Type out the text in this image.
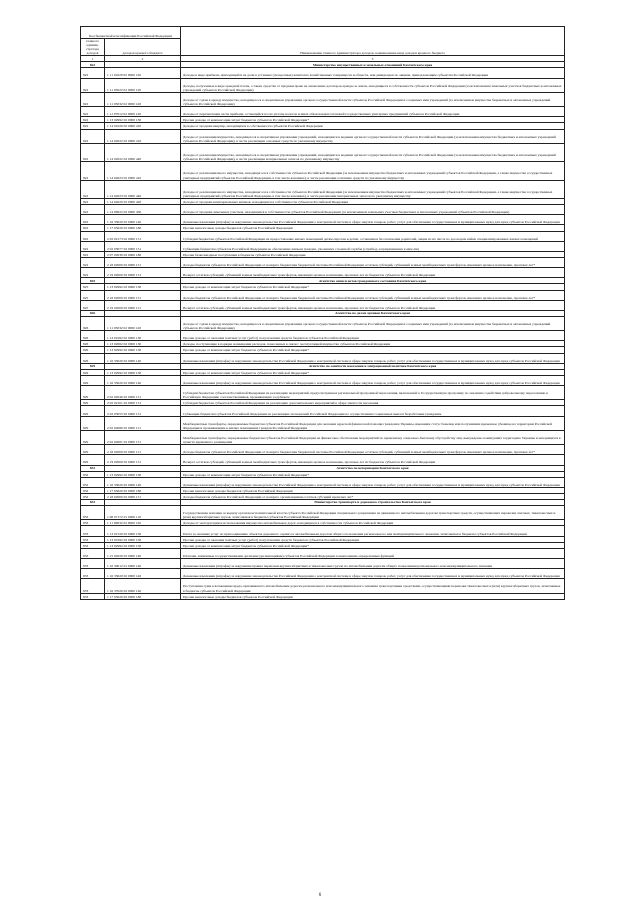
Код бюджетной классификации Российской Федерации		Наименование главного администратора доходов, наименование вида доходов краевого бюджета
главного админи-стратора доходов	доходов краевого бюджета	
1	2	3
822		Министерство имущественных и земельных отношений Камчатского края
822	1 11 01020 02 0000 120	Доходы в виде прибыли, приходящейся на доли в уставных (складочных) капиталах хозяйственных товариществ и обществ, или дивидендов по акциям, принадлежащим субъектам Российской Федерации
822	1 11 05022 02 0000 120	Доходы, получаемые в виде арендной платы, а также средства от продажи права на заключение договоров аренды за земли, находящиеся в собственности субъектов Российской Федерации (за исключением земельных участков бюджетных и автономных учреждений субъектов Российской Федерации)
822	1 11 05032 02 0000 120	Доходы от сдачи в аренду имущества, находящегося в оперативном управлении органов государственной власти субъектов Российской Федерации и созданных ими учреждений (за исключением имущества бюджетных и автономных учреждений субъектов Российской Федерации)
822	1 11 07012 02 0000 120	Доходы от перечисления части прибыли, остающейся после уплаты налогов и иных обязательных платежей государственных унитарных предприятий субъектов Российской Федерации
822	1 13 02992 02 0000 130	Прочие доходы от компенсации затрат бюджетов субъектов Российской Федерации*
822	1 14 01020 02 0000 410	Доходы от продажи квартир, находящихся в собственности субъектов Российской Федерации
822	1 14 02022 02 0000 410	Доходы от реализации имущества, находящегося в оперативном управлении учреждений, находящихся в ведении органов государственной власти субъектов Российской Федерации (за исключением имущества бюджетных и автономных учреждений субъектов Российской Федерации), в части реализации основных средств по указанному имуществу
822	1 14 02022 02 0000 440	Доходы от реализации имущества, находящегося в оперативном управлении учреждений, находящихся в ведении органов государственной власти субъектов Российской Федерации (за исключением имущества бюджетных и автономных учреждений субъектов Российской Федерации), в части реализации материальных запасов по указанному имуществу
822	1 14 02023 02 0000 410	Доходы от реализации иного имущества, находящегося в собственности субъектов Российской Федерации (за исключением имущества бюджетных и автономных учреждений субъектов Российской Федерации, а также имущества государственных унитарных предприятий субъектов Российской Федерации, в том числе казенных), в части реализации основных средств по указанному имуществу
822	1 14 02023 02 0000 440	Доходы от реализации иного имущества, находящегося в собственности субъектов Российской Федерации (за исключением имущества бюджетных и автономных учреждений субъектов Российской Федерации, а также имущества государственных унитарных предприятий субъектов Российской Федерации, в том числе казенных), в части реализации материальных запасов по указанному имуществу
822	1 14 04020 02 0000 420	Доходы от продажи нематериальных активов, находящихся в собственности субъектов Российской Федерации
822	1 14 06022 02 0000 430	Доходы от продажи земельных участков, находящихся в собственности субъектов Российской Федерации (за исключением земельных участков бюджетных и автономных учреждений субъектов Российской Федерации)
822	1 16 33020 02 0000 140	Денежные взыскания (штрафы) за нарушение законодательства Российской Федерации о контрактной системе в сфере закупок товаров, работ, услуг для обеспечения государственных и муниципальных нужд для нужд субъектов Российской Федерации
822	1 17 05020 02 0000 180	Прочие неналоговые доходы бюджетов субъектов Российской Федерации
822	2 02 02173 02 0000 151	Субсидии бюджетам субъектов Российской Федерации на предоставление жилых помещений детям-сиротам и детям, оставшимся без попечения родителей, лицам из их числа по договорам найма специализированных жилых помещений
822	2 02 03077 02 0000 151	Субвенции бюджетам субъектов Российской Федерации на обеспечение жильем граждан, уволенных с военной службы (службы), и приравненных к ним лиц
822	2 07 02030 02 0000 180	Прочие безвозмездные поступления в бюджеты субъектов Российской Федерации
822	2 18 02000 02 0000 151	Доходы бюджетов субъектов Российской Федерации от возврата бюджетами бюджетной системы Российской Федерации остатков субсидий, субвенций и иных межбюджетных трансфертов, имеющих целевое назначение, прошлых лет*
822	2 19 02000 02 0000 151	Возврат остатков субсидий, субвенций и иных межбюджетных трансфертов, имеющих целевое назначение, прошлых лет из бюджетов субъектов Российской Федерации
825		Агентство записи актов гражданского состояния Камчатского края
825	1 13 02992 02 0000 130	Прочие доходы от компенсации затрат бюджетов субъектов Российской Федерации*
825	2 18 02000 02 0000 151	Доходы бюджетов субъектов Российской Федерации от возврата бюджетами бюджетной системы Российской Федерации остатков субсидий, субвенций и иных межбюджетных трансфертов, имеющих целевое назначение, прошлых лет*
825	2 19 02000 02 0000 151	Возврат остатков субсидий, субвенций и иных межбюджетных трансфертов, имеющих целевое назначение, прошлых лет из бюджетов субъектов Российской Федерации
826		Агентство по делам архивов Камчатского края
826	1 11 05032 02 0000 120	Доходы от сдачи в аренду имущества, находящегося в оперативном управлении органов государственной власти субъектов Российской Федерации и созданных ими учреждений (за исключением имущества бюджетных и автономных учреждений субъектов Российской Федерации)
826	1 13 01992 02 0000 130	Прочие доходы от оказания платных услуг (работ) получателями средств бюджетов субъектов Российской Федерации
826	1 13 02062 02 0000 130	Доходы, поступающие в порядке возмещения расходов, понесенных в связи с эксплуатацией имущества субъектов Российской Федерации
826	1 13 02992 02 0000 130	Прочие доходы от компенсации затрат бюджетов субъектов Российской Федерации*
826	1 16 33020 02 0000 140	Денежные взыскания (штрафы) за нарушение законодательства Российской Федерации о контрактной системе в сфере закупок товаров, работ, услуг для обеспечения государственных и муниципальных нужд для нужд субъектов Российской Федерации
829		Агентство по занятости населения и миграционной политике Камчатского края
829	1 13 02992 02 0000 130	Прочие доходы от компенсации затрат бюджетов субъектов Российской Федерации*
829	1 16 33020 02 0000 140	Денежные взыскания (штрафы) за нарушение законодательства Российской Федерации о контрактной системе в сфере закупок товаров, работ, услуг для обеспечения государственных и муниципальных нужд для нужд субъектов Российской Федерации
829	2 02 02046 02 0000 151	Субсидии бюджетам субъектов Российской Федерации на реализацию мероприятий, предусмотренных региональной программой переселения, включенной в Государственную программу по оказанию содействия добровольному переселению в Российскую Федерацию соотечественников, проживающих за рубежом
829	2 02 02101 02 0000 151	Субсидии бюджетам субъектов Российской Федерации на реализацию дополнительных мероприятий в сфере занятости населения
829	2 02 03055 02 0000 151	Субвенции бюджетам субъектов Российской Федерации на реализацию полномочий Российской Федерации по осуществлению социальных выплат безработным гражданам
829	2 02 04080 02 0000 151	Межбюджетные трансферты, передаваемые бюджетам субъектов Российской Федерации для оказания адресной финансовой помощи гражданам Украины, имеющим статус беженца или получившим временное убежище на территории Российской Федерации и проживающим в жилых помещениях граждан Российской Федерации
829	2 02 04081 02 0000 151	Межбюджетные трансферты, передаваемые бюджетам субъектов Российской Федерации на финансовое обеспечение мероприятий по временному социально-бытовому обустройству лиц, вынужденно покинувших территорию Украины и находящихся в пунктах временного размещения
829	2 18 02000 02 0000 151	Доходы бюджетов субъектов Российской Федерации от возврата бюджетами бюджетной системы Российской Федерации остатков субсидий, субвенций и иных межбюджетных трансфертов, имеющих целевое назначение, прошлых лет*
829	2 19 02000 02 0000 151	Возврат остатков субсидий, субвенций и иных межбюджетных трансфертов, имеющих целевое назначение, прошлых лет из бюджетов субъектов Российской Федерации
832		Агентство по ветеринарии Камчатского края
832	1 13 02992 02 0000 130	Прочие доходы от компенсации затрат бюджетов субъектов Российской Федерации*
832	1 16 33020 02 0000 140	Денежные взыскания (штрафы) за нарушение законодательства Российской Федерации о контрактной системе в сфере закупок товаров, работ, услуг для обеспечения государственных и муниципальных нужд для нужд субъектов Российской Федерации
832	1 17 05020 02 0000 180	Прочие неналоговые доходы бюджетов субъектов Российской Федерации
832	2 18 02000 02 0000 151	Доходы бюджетов субъектов Российской Федерации от возврата организациями остатков субсидий прошлых лет*
833		Министерство транспорта и дорожного строительства Камчатского края
833	1 08 07172 01 0000 110	Государственная пошлина за выдачу органом исполнительной власти субъекта Российской Федерации специального разрешения на движение по автомобильным дорогам транспортных средств, осуществляющих перевозки опасных, тяжеловесных и (или) крупногабаритных грузов, зачисляемая в бюджеты субъектов Российской Федерации
833	1 11 09032 02 0000 120	Доходы от эксплуатации и использования имущества автомобильных дорог, находящихся в собственности субъектов Российской Федерации
833	1 13 01520 02 0000 130	Плата за оказание услуг по присоединению объектов дорожного сервиса к автомобильным дорогам общего пользования регионального или межмуниципального значения, зачисляемая в бюджеты субъектов Российской Федерации
833	1 13 01992 02 0000 130	Прочие доходы от оказания платных услуг (работ) получателями средств бюджетов субъектов Российской Федерации
833	1 13 02992 02 0000 130	Прочие доходы от компенсации затрат бюджетов субъектов Российской Федерации*
833	1 15 02020 02 0000 140	Платежи, взимаемые государственными органами (организациями) субъектов Российской Федерации за выполнение определенных функций
833	1 16 30012 01 0000 140	Денежные взыскания (штрафы) за нарушение правил перевозки крупногабаритных и тяжеловесных грузов по автомобильным дорогам общего пользования регионального или межмуниципального значения
833	1 16 33020 02 0000 140	Денежные взыскания (штрафы) за нарушение законодательства Российской Федерации о контрактной системе в сфере закупок товаров, работ, услуг для обеспечения государственных и муниципальных нужд для нужд субъектов Российской Федерации
833	1 16 37020 02 0000 140	Поступления сумм в возмещение вреда, причиняемого автомобильным дорогам регионального или межмуниципального значения транспортными средствами, осуществляющими перевозки тяжеловесных и (или) крупногабаритных грузов, зачисляемые в бюджеты субъектов Российской Федерации
833	1 17 05020 02 0000 180	Прочие неналоговые доходы бюджетов субъектов Российской Федерации
6
